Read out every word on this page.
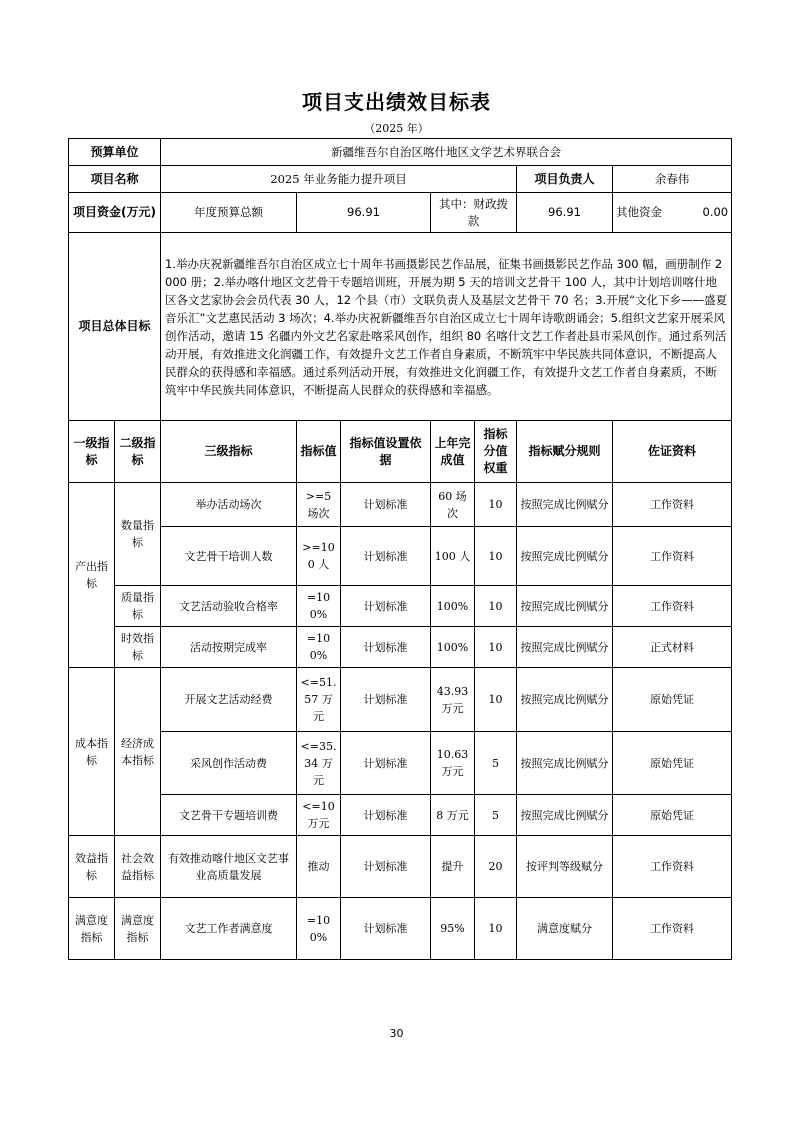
项目支出绩效目标表
（2025 年）
预算单位		新疆维吾尔自治区喀什地区文学艺术界联合会						
项目名称		2025 年业务能力提升项目					项目负责人	余春伟
项目资金(万元)		年度预算总额	96.91		其中：财政拨款		96.91	其他资金 0.00

项目总体目标		1.举办庆祝新疆维吾尔自治区成立七十周年书画摄影民艺作品展，征集书画摄影民艺作品 300 幅，画册制作 2000 册；2.举办喀什地区文艺骨干专题培训班，开展为期 5 天的培训文艺骨干 100 人，其中计划培训喀什地区各文艺家协会会员代表 30 人，12 个县（市）文联负责人及基层文艺骨干 70 名；3.开展“文化下乡——盛夏音乐汇”文艺惠民活动 3 场次；4.举办庆祝新疆维吾尔自治区成立七十周年诗歌朗诵会；5.组织文艺家开展采风创作活动，邀请 15 名疆内外文艺名家赴喀采风创作，组织 80 名喀什文艺工作者赴县市采风创作。通过系列活动开展，有效推进文化润疆工作，有效提升文艺工作者自身素质，不断筑牢中华民族共同体意识，不断提高人民群众的获得感和幸福感。通过系列活动开展，有效推进文化润疆工作，有效提升文艺工作者自身素质，不断筑牢中华民族共同体意识，不断提高人民群众的获得感和幸福感。						
一级指标	二级指标	三级指标	指标值	指标值设置依据	上年完成值	指标分值权重	指标赋分规则	佐证资料
产出指标	数量指标	举办活动场次	>=5 场次	计划标准	60 场次	10	按照完成比例赋分	工作资料
		文艺骨干培训人数	>=100 人	计划标准	100 人	10	按照完成比例赋分	工作资料
	质量指标	文艺活动验收合格率	=100%	计划标准	100%	10	按照完成比例赋分	工作资料
	时效指标	活动按期完成率	=100%	计划标准	100%	10	按照完成比例赋分	正式材料
成本指标	经济成本指标	开展文艺活动经费	<=51.57 万元	计划标准	43.93 万元	10	按照完成比例赋分	原始凭证
		采风创作活动费	<=35.34 万元	计划标准	10.63 万元	5	按照完成比例赋分	原始凭证
		文艺骨干专题培训费	<=10 万元	计划标准	8 万元	5	按照完成比例赋分	原始凭证
效益指标	社会效益指标	有效推动喀什地区文艺事业高质量发展	推动	计划标准	提升	20	按评判等级赋分	工作资料
满意度指标	满意度指标	文艺工作者满意度	=100%	计划标准	95%	10	满意度赋分	工作资料
30
